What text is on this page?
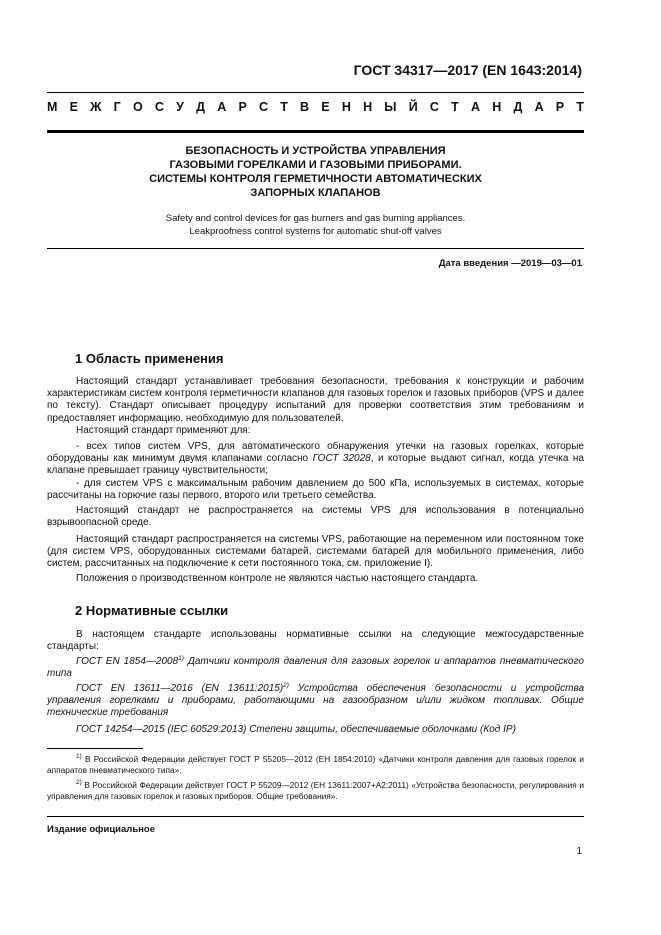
ГОСТ 34317—2017 (EN 1643:2014)
М Е Ж Г О С У Д А Р С Т В Е Н Н Ы Й С Т А Н Д А Р Т
БЕЗОПАСНОСТЬ И УСТРОЙСТВА УПРАВЛЕНИЯ
ГАЗОВЫМИ ГОРЕЛКАМИ И ГАЗОВЫМИ ПРИБОРАМИ.
СИСТЕМЫ КОНТРОЛЯ ГЕРМЕТИЧНОСТИ АВТОМАТИЧЕСКИХ
ЗАПОРНЫХ КЛАПАНОВ
Safety and control devices for gas burners and gas burning appliances.
Leakproofness control systems for automatic shut-off valves
Дата введения —2019—03—01
1 Область применения

Настоящий стандарт устанавливает требования безопасности, требования к конструкции и рабочим характеристикам систем контроля герметичности клапанов для газовых горелок и газовых приборов (VPS и далее по тексту). Стандарт описывает процедуру испытаний для проверки соответствия этим требованиям и предоставляет информацию, необходимую для пользователей.

Настоящий стандарт применяют для:

- всех типов систем VPS, для автоматического обнаружения утечки на газовых горелках, которые оборудованы как минимум двумя клапанами согласно ГОСТ 32028, и которые выдают сигнал, когда утечка на клапане превышает границу чувствительности;

- для систем VPS с максимальным рабочим давлением до 500 кПа, используемых в системах, которые рассчитаны на горючие газы первого, второго или третьего семейства.

Настоящий стандарт не распространяется на системы VPS для использования в потенциально взрывоопасной среде.

Настоящий стандарт распространяется на системы VPS, работающие на переменном или постоянном токе (для систем VPS, оборудованных системами батарей, системами батарей для мобильного применения, либо систем, рассчитанных на подключение к сети постоянного тока, см. приложение I).

Положения о производственном контроле не являются частью настоящего стандарта.

2 Нормативные ссылки

В настоящем стандарте использованы нормативные ссылки на следующие межгосударственные стандарты:

ГОСТ EN 1854—2008$^{1)}$ Датчики контроля давления для газовых горелок и аппаратов пневматического типа

ГОСТ EN 13611—2016 (EN 13611:2015)$^{2)}$ Устройства обеспечения безопасности и устройства управления горелками и приборами, работающими на газообразном и/или жидком топливах. Общие технические требования

ГОСТ 14254—2015 (IEC 60529:2013) Степени защиты, обеспечиваемые оболочками (Код IP)

$^{1)}$ В Российской Федерации действует ГОСТ Р 55205—2012 (ЕН 1854:2010) «Датчики контроля давления для газовых горелок и аппаратов пневматического типа».

$^{2)}$ В Российской Федерации действует ГОСТ Р 55209—2012 (ЕН 13611:2007+A2:2011) «Устройства безопасности, регулирования и управления для газовых горелок и газовых приборов. Общие требования».

Издание официальное
1
